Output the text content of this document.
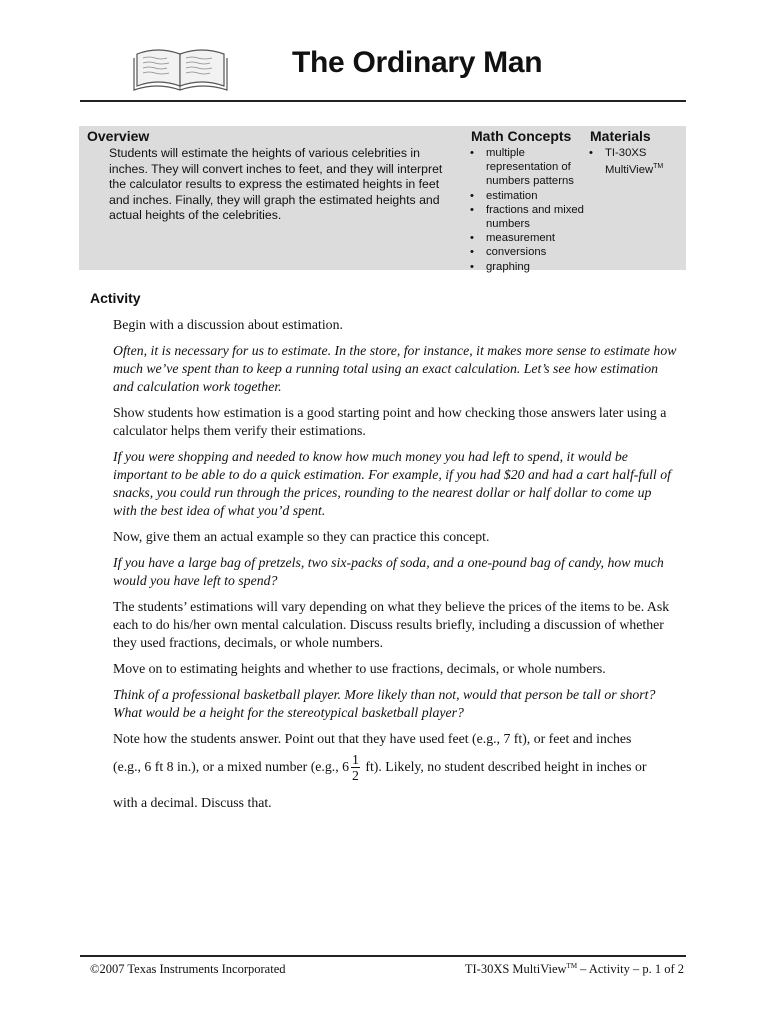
The Ordinary Man
Overview

Students will estimate the heights of various celebrities in inches. They will convert inches to feet, and they will interpret the calculator results to express the estimated heights in feet and inches. Finally, they will graph the estimated heights and actual heights of the celebrities.

Math Concepts
• multiple representation of numbers patterns
• estimation
• fractions and mixed numbers
• measurement
• conversions
• graphing
Materials
• TI-30XS MultiView™
Activity

Begin with a discussion about estimation.

Often, it is necessary for us to estimate. In the store, for instance, it makes more sense to estimate how much we’ve spent than to keep a running total using an exact calculation. Let’s see how estimation and calculation work together.

Show students how estimation is a good starting point and how checking those answers later using a calculator helps them verify their estimations.

If you were shopping and needed to know how much money you had left to spend, it would be important to be able to do a quick estimation. For example, if you had $20 and had a cart half-full of snacks, you could run through the prices, rounding to the nearest dollar or half dollar to come up with the best idea of what you’d spent.

Now, give them an actual example so they can practice this concept.

If you have a large bag of pretzels, two six-packs of soda, and a one-pound bag of candy, how much would you have left to spend?

The students’ estimations will vary depending on what they believe the prices of the items to be. Ask each to do his/her own mental calculation. Discuss results briefly, including a discussion of whether they used fractions, decimals, or whole numbers.

Move on to estimating heights and whether to use fractions, decimals, or whole numbers.

Think of a professional basketball player. More likely than not, would that person be tall or short? What would be a height for the stereotypical basketball player?

Note how the students answer. Point out that they have used feet (e.g., 7 ft), or feet and inches

(e.g., 6 ft 8 in.), or a mixed number (e.g., $6 \frac{1}{2} ft$). Likely, no student described height in inches or

with a decimal. Discuss that.

©2007 Texas Instruments Incorporated	TI-30XS MultiView™ – Activity – p. 1 of 2
